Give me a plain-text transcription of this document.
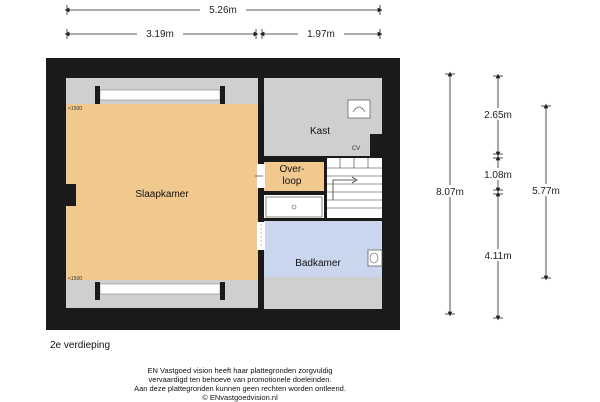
5.26m
3.19m	1.97m
Slaapkamer
Kast
CV
Over-
loop
Badkamer
<1500
<1500
8.07m
2.65m
1.08m
4.11m
5.77m
2e verdieping
EN Vastgoed vision heeft haar plattegronden zorgvuldig
vervaardigd ten behoeve van promotionele doeleinden.
Aan deze plattegronden kunnen geen rechten worden ontleend.
© ENvastgoedvision.nl
